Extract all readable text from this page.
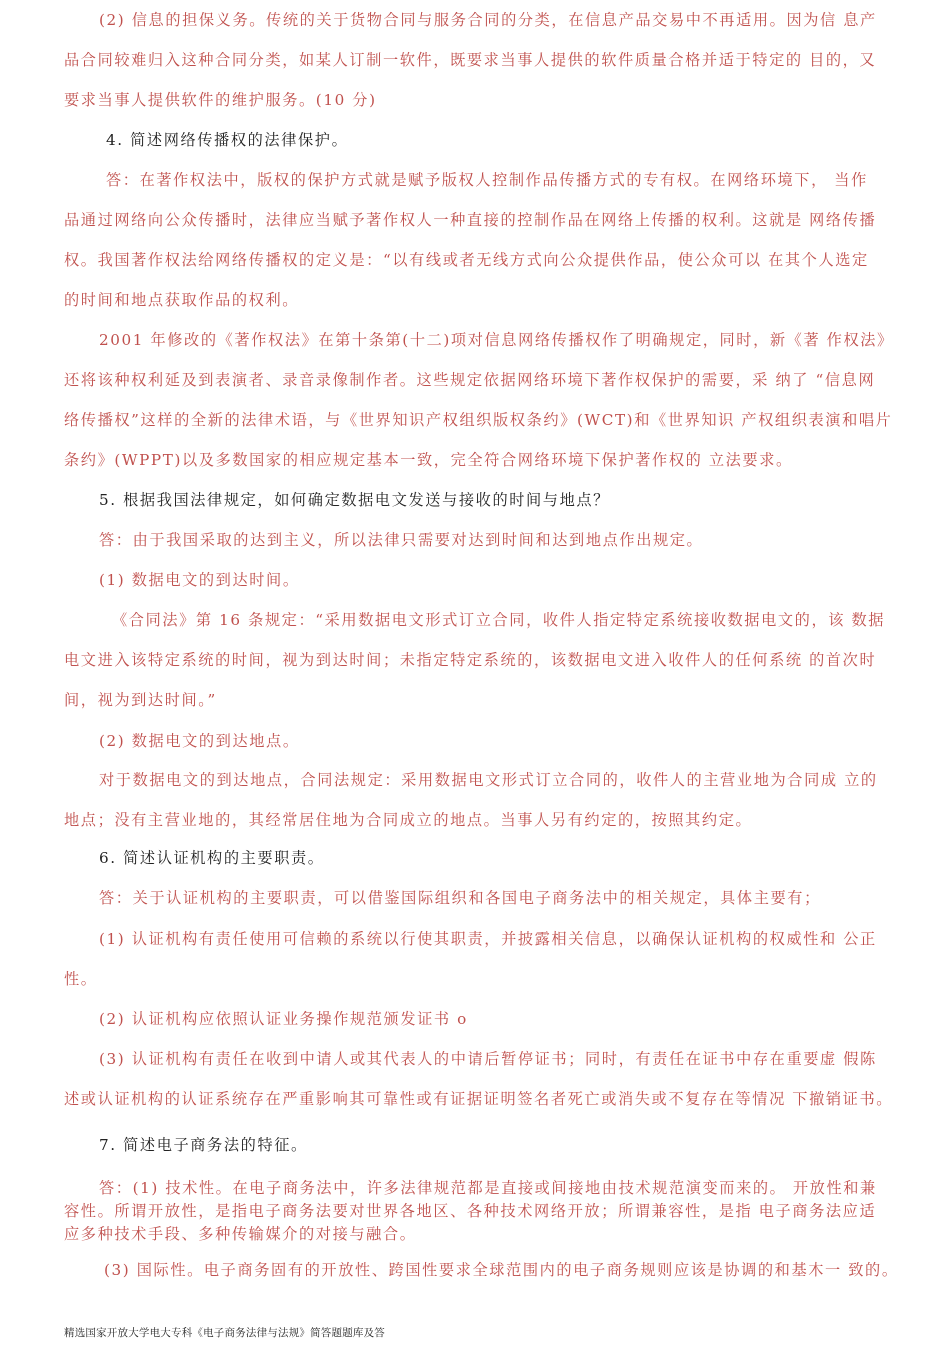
(2) 信息的担保义务。传统的关于货物合同与服务合同的分类，在信息产品交易中不再适用。因为信 息产
品合同较难归入这种合同分类，如某人订制一软件，既要求当事人提供的软件质量合格并适于特定的 目的，又
要求当事人提供软件的维护服务。(10 分)
4. 简述网络传播权的法律保护。
答：在著作权法中，版权的保护方式就是赋予版权人控制作品传播方式的专有权。在网络环境下， 当作
品通过网络向公众传播时，法律应当赋予著作权人一种直接的控制作品在网络上传播的权利。这就是 网络传播
权。我国著作权法给网络传播权的定义是：“以有线或者无线方式向公众提供作品，使公众可以 在其个人选定
的时间和地点获取作品的权利。
2001 年修改的《著作权法》在第十条第(十二)项对信息网络传播权作了明确规定，同时，新《著 作权法》
还将该种权利延及到表演者、录音录像制作者。这些规定依据网络环境下著作权保护的需要，采 纳了 “信息网
络传播权”这样的全新的法律术语，与《世界知识产权组织版权条约》(WCT)和《世界知识 产权组织表演和唱片
条约》(WPPT)以及多数国家的相应规定基本一致，完全符合网络环境下保护著作权的 立法要求。
5. 根据我国法律规定，如何确定数据电文发送与接收的时间与地点？
答：由于我国采取的达到主义，所以法律只需要对达到时间和达到地点作出规定。
(1) 数据电文的到达时间。
《合同法》第 16 条规定：“采用数据电文形式订立合同，收件人指定特定系统接收数据电文的，该 数据
电文进入该特定系统的时间，视为到达时间；未指定特定系统的，该数据电文进入收件人的任何系统 的首次时
间，视为到达时间。”
(2) 数据电文的到达地点。
对于数据电文的到达地点，合同法规定：采用数据电文形式订立合同的，收件人的主营业地为合同成 立的
地点；没有主营业地的，其经常居住地为合同成立的地点。当事人另有约定的，按照其约定。
6. 简述认证机构的主要职责。
答：关于认证机构的主要职责，可以借鉴国际组织和各国电子商务法中的相关规定，具体主要有；
(1) 认证机构有责任使用可信赖的系统以行使其职责，并披露相关信息，以确保认证机构的权威性和 公正
性。
(2) 认证机构应依照认证业务操作规范颁发证书 o
(3) 认证机构有责任在收到中请人或其代表人的中请后暂停证书；同时，有责任在证书中存在重要虚 假陈
述或认证机构的认证系统存在严重影响其可靠性或有证据证明签名者死亡或消失或不复存在等情况 下撤销证书。
7. 简述电子商务法的特征。
答：(1) 技术性。在电子商务法中，许多法律规范都是直接或间接地由技术规范演变而来的。 开放性和兼
容性。所谓开放性，是指电子商务法要对世界各地区、各种技术网络开放；所谓兼容性，是指 电子商务法应适
应多种技术手段、多种传输媒介的对接与融合。
(3) 国际性。电子商务固有的开放性、跨国性要求全球范围内的电子商务规则应该是协调的和基木一 致的。
精选国家开放大学电大专科《电子商务法律与法规》简答题题库及答
